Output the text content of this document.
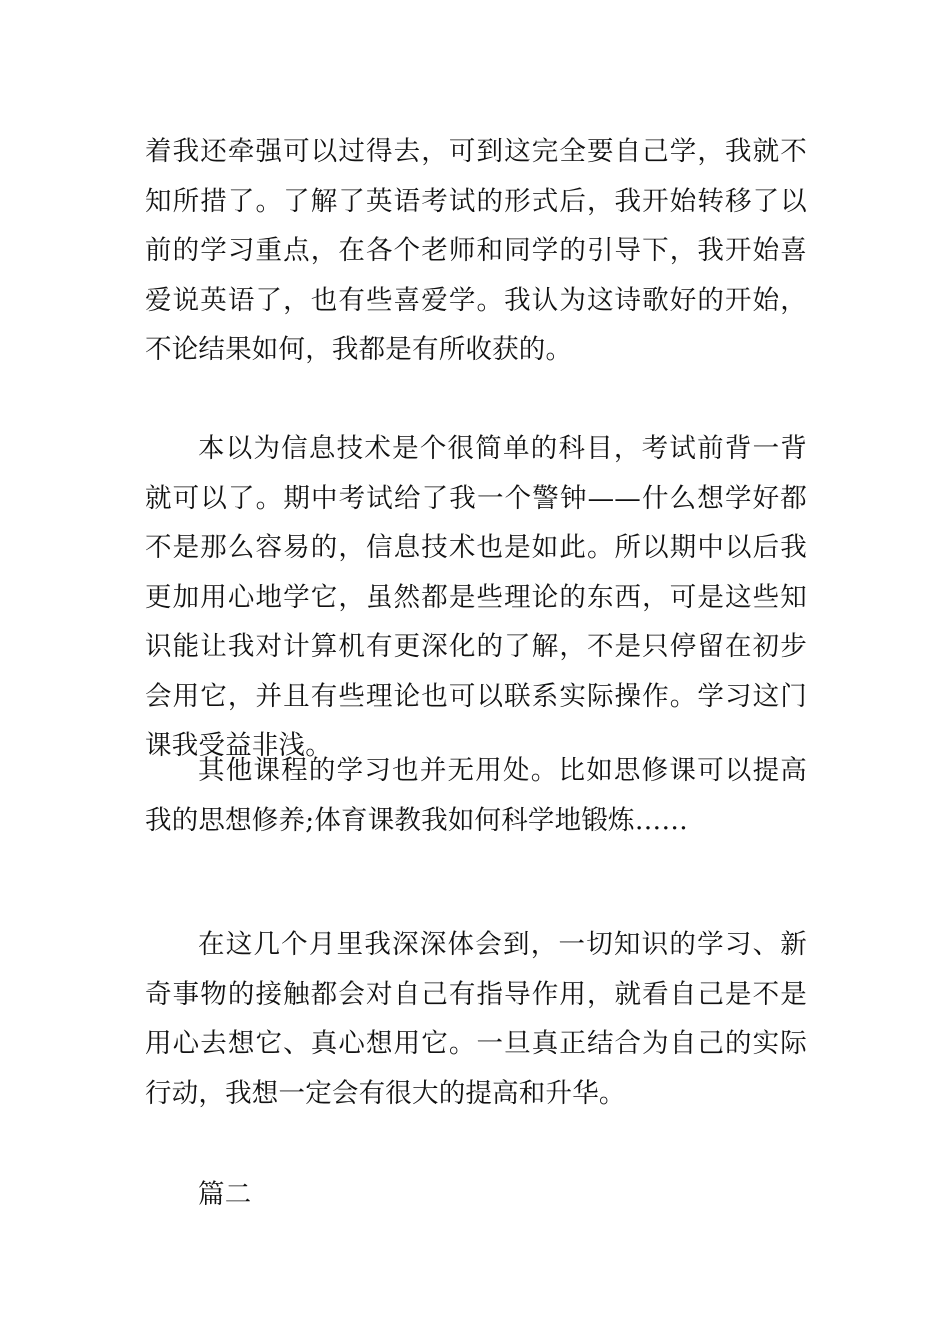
着我还牵强可以过得去，可到这完全要自己学，我就不知所措了。了解了英语考试的形式后，我开始转移了以前的学习重点，在各个老师和同学的引导下，我开始喜爱说英语了，也有些喜爱学。我认为这诗歌好的开始，不论结果如何，我都是有所收获的。

本以为信息技术是个很简单的科目，考试前背一背就可以了。期中考试给了我一个警钟——什么想学好都不是那么容易的，信息技术也是如此。所以期中以后我更加用心地学它，虽然都是些理论的东西，可是这些知识能让我对计算机有更深化的了解，不是只停留在初步会用它，并且有些理论也可以联系实际操作。学习这门课我受益非浅。

其他课程的学习也并无用处。比如思修课可以提高我的思想修养;体育课教我如何科学地锻炼……

在这几个月里我深深体会到，一切知识的学习、新奇事物的接触都会对自己有指导作用，就看自己是不是用心去想它、真心想用它。一旦真正结合为自己的实际行动，我想一定会有很大的提高和升华。

篇二
